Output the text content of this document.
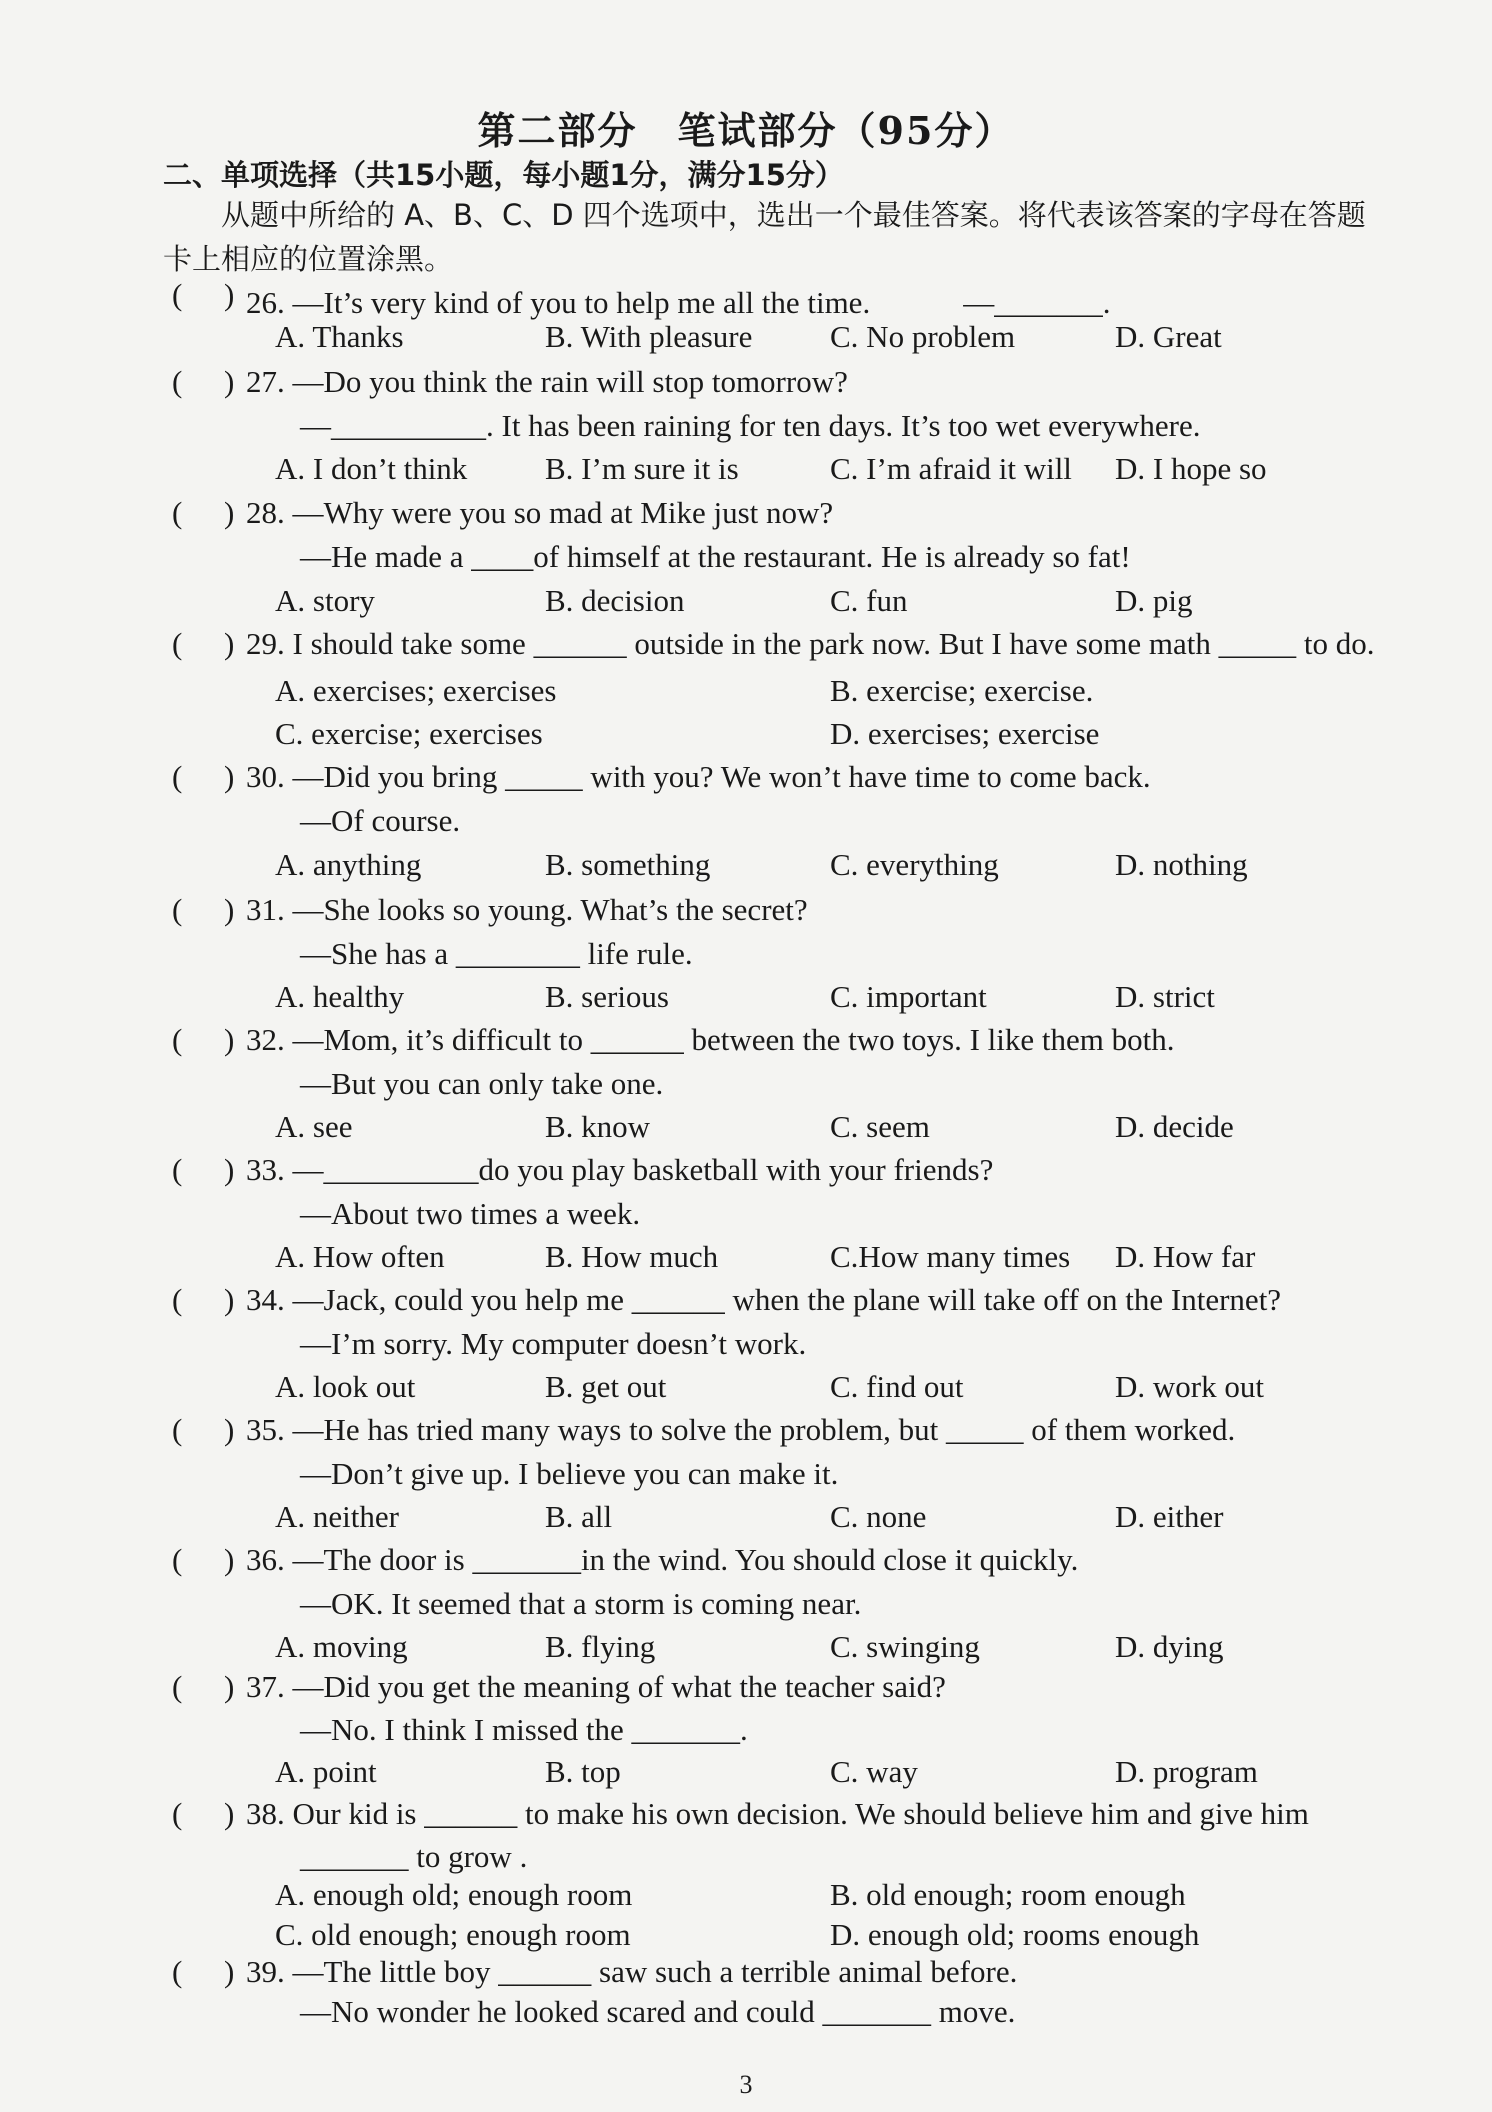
第二部分　笔试部分（95分）
二、单项选择（共15小题，每小题1分，满分15分）
从题中所给的 A、B、C、D 四个选项中，选出一个最佳答案。将代表该答案的字母在答题卡上相应的位置涂黑。
( ) 26. —It’s very kind of you to help me all the time.　　　—_______.
A. Thanks	B. With pleasure	C. No problem	D. Great
( ) 27. —Do you think the rain will stop tomorrow?
—__________. It has been raining for ten days. It’s too wet everywhere.
A. I don’t think	B. I’m sure it is	C. I’m afraid it will D. I hope so
( ) 28. —Why were you so mad at Mike just now?
—He made a ____of himself at the restaurant. He is already so fat!
A. story	B. decision	C. fun	D. pig
( ) 29. I should take some ______ outside in the park now. But I have some math _____ to do.
A. exercises; exercises	B. exercise; exercise.
C. exercise; exercises	D. exercises; exercise
( ) 30. —Did you bring _____ with you? We won’t have time to come back.
—Of course.
A. anything	B. something	C. everything	D. nothing
( ) 31. —She looks so young. What’s the secret?
—She has a ________ life rule.
A. healthy	B. serious	C. important	D. strict
( ) 32. —Mom, it’s difficult to ______ between the two toys. I like them both.
—But you can only take one.
A. see	B. know	C. seem	D. decide
( ) 33. —__________do you play basketball with your friends?
—About two times a week.
A. How often	B. How much	C.How many times D. How far
( ) 34. —Jack, could you help me ______ when the plane will take off on the Internet?
—I’m sorry. My computer doesn’t work.
A. look out	B. get out	C. find out	D. work out
( ) 35. —He has tried many ways to solve the problem, but _____ of them worked.
—Don’t give up. I believe you can make it.
A. neither	B. all	C. none	D. either
( ) 36. —The door is _______in the wind. You should close it quickly.
—OK. It seemed that a storm is coming near.
A. moving	B. flying	C. swinging	D. dying
( ) 37. —Did you get the meaning of what the teacher said?
—No. I think I missed the _______.
A. point	B. top	C. way	D. program
( ) 38. Our kid is ______ to make his own decision. We should believe him and give him
_______ to grow .
A. enough old; enough room	B. old enough; room enough
C. old enough; enough room	D. enough old; rooms enough
( ) 39. —The little boy ______ saw such a terrible animal before.
—No wonder he looked scared and could _______ move.
3
